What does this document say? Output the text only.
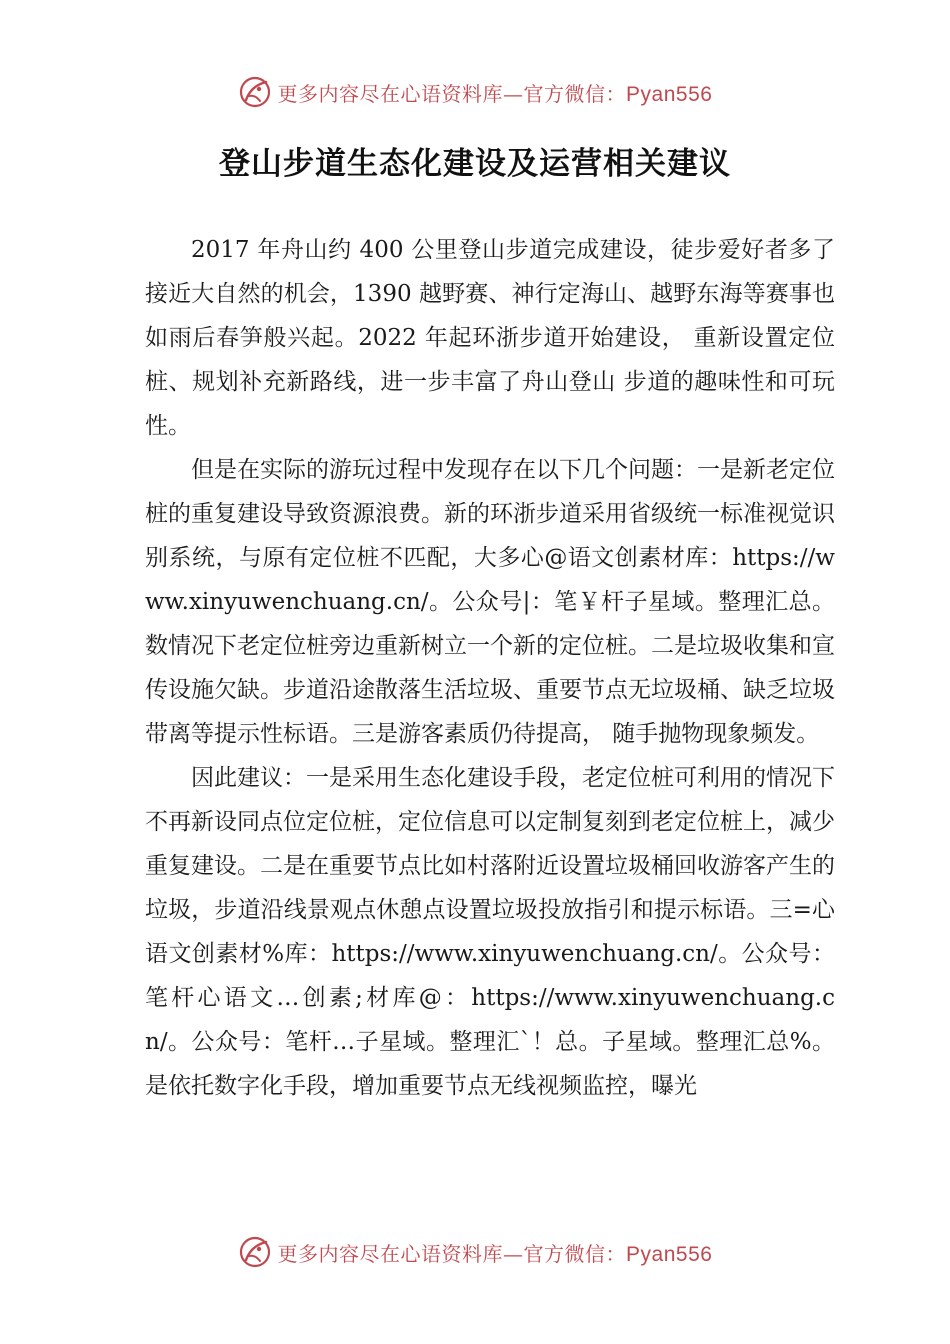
更多内容尽在心语资料库—官方微信：Pyan556
登山步道生态化建设及运营相关建议

2017 年舟山约 400 公里登山步道完成建设，徒步爱好者多了接近大自然的机会，1390 越野赛、神行定海山、越野东海等赛事也如雨后春笋般兴起。2022 年起环浙步道开始建设， 重新设置定位桩、规划补充新路线，进一步丰富了舟山登山 步道的趣味性和可玩性。

但是在实际的游玩过程中发现存在以下几个问题：一是新老定位桩的重复建设导致资源浪费。新的环浙步道采用省级统一标准视觉识别系统，与原有定位桩不匹配，大多心@语文创素材库：https://www.xinyuwenchuang.cn/。公众号|：笔￥杆子星域。整理汇总。数情况下老定位桩旁边重新树立一个新的定位桩。二是垃圾收集和宣传设施欠缺。步道沿途散落生活垃圾、重要节点无垃圾桶、缺乏垃圾带离等提示性标语。三是游客素质仍待提高， 随手抛物现象频发。

因此建议：一是采用生态化建设手段，老定位桩可利用的情况下不再新设同点位定位桩，定位信息可以定制复刻到老定位桩上，减少重复建设。二是在重要节点比如村落附近设置垃圾桶回收游客产生的垃圾，步道沿线景观点休憩点设置垃圾投放指引和提示标语。三=心语文创素材%库：https://www.xinyuwenchuang.cn/。公众号：笔杆心语文…创素;材库@：https://www.xinyuwenchuang.cn/。公众号：笔杆…子星域。整理汇`！总。子星域。整理汇总%。是依托数字化手段，增加重要节点无线视频监控，曝光

更多内容尽在心语资料库—官方微信：Pyan556
